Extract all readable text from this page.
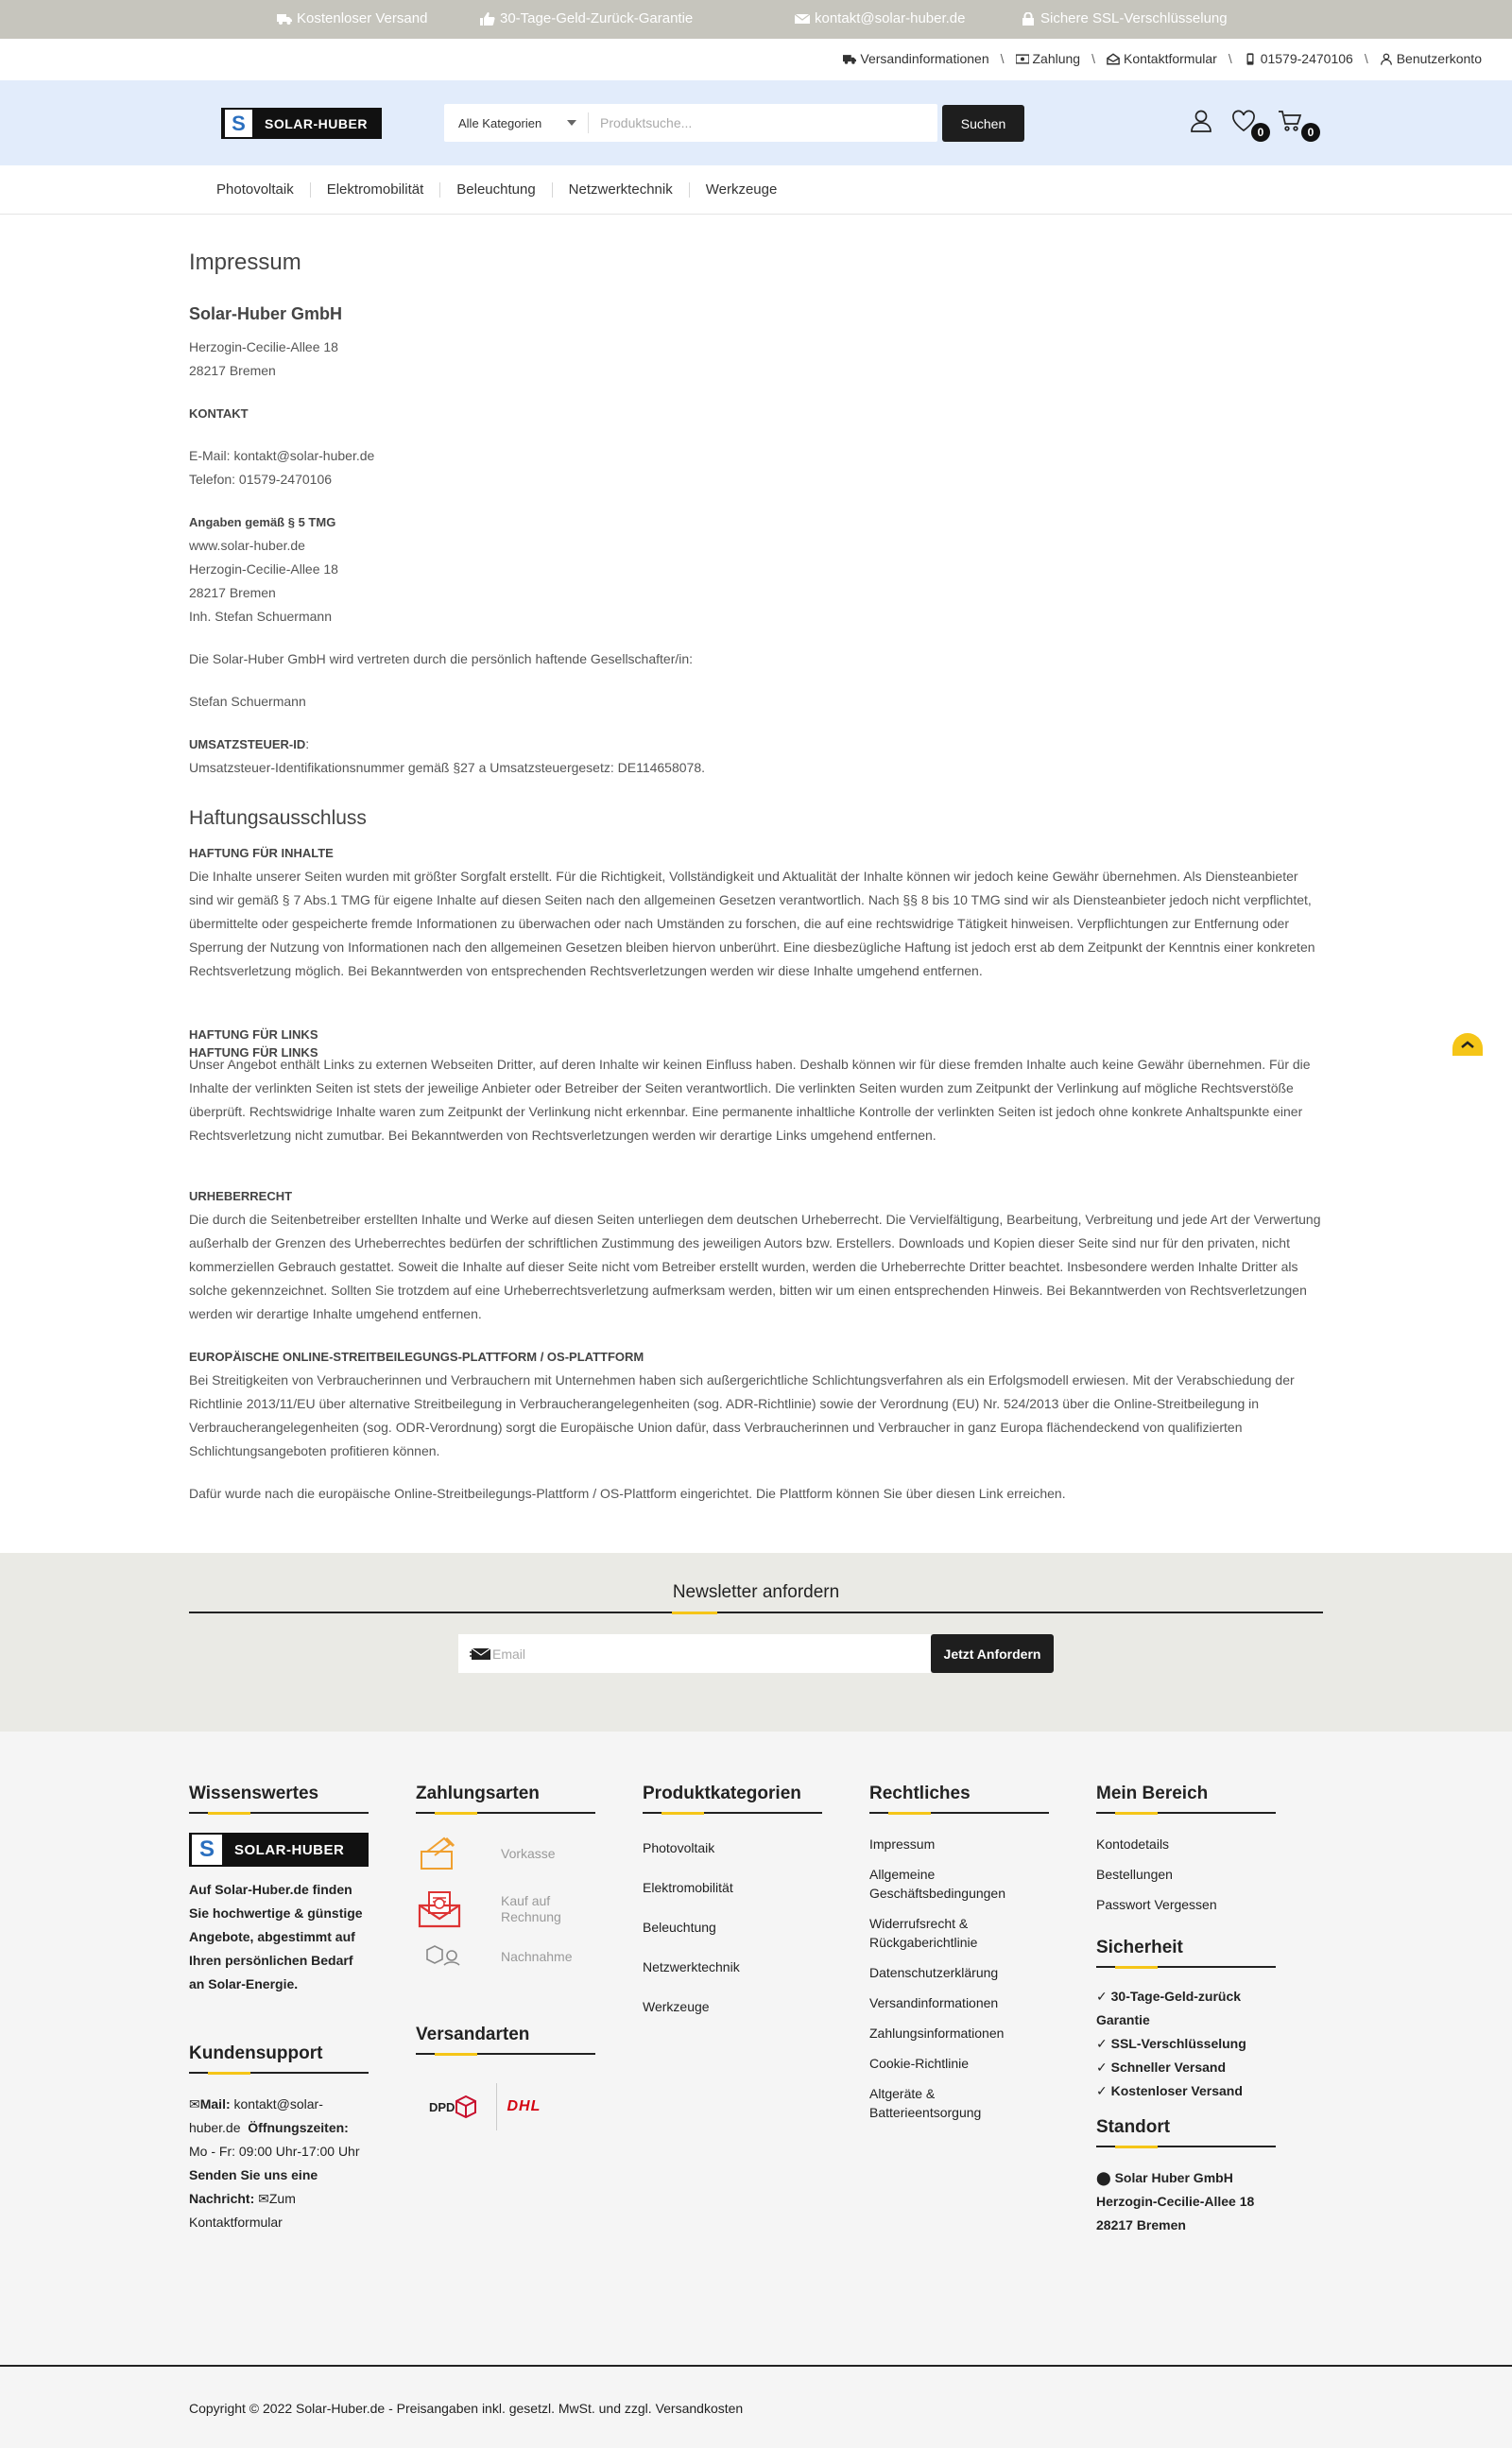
Kostenloser Versand	30-Tage-Geld-Zurück-Garantie	kontakt@solar-huber.de	Sichere SSL-Verschlüsselung
Versandinformationen \ Zahlung \ Kontaktformular \ 01579-2470106 \ Benutzerkonto
S	SOLAR-HUBER	Alle Kategorien
Produktsuche...	Suchen
0	0
Photovoltaik Elektromobilität Beleuchtung Netzwerktechnik Werkzeuge
Impressum
Solar-Huber GmbH
Herzogin-Cecilie-Allee 18
28217 Bremen
KONTAKT
E-Mail: kontakt@solar-huber.de
Telefon: 01579-2470106
Angaben gemäß § 5 TMG
www.solar-huber.de
Herzogin-Cecilie-Allee 18
28217 Bremen
Inh. Stefan Schuermann
Die Solar-Huber GmbH wird vertreten durch die persönlich haftende Gesellschafter/in:
Stefan Schuermann
UMSATZSTEUER-ID:
Umsatzsteuer-Identifikationsnummer gemäß §27 a Umsatzsteuergesetz: DE114658078.
Haftungsausschluss
HAFTUNG FÜR INHALTE
Die Inhalte unserer Seiten wurden mit größter Sorgfalt erstellt. Für die Richtigkeit, Vollständigkeit und Aktualität der Inhalte können wir jedoch keine Gewähr übernehmen. Als Diensteanbieter sind wir gemäß § 7 Abs.1 TMG für eigene Inhalte auf diesen Seiten nach den allgemeinen Gesetzen verantwortlich. Nach §§ 8 bis 10 TMG sind wir als Diensteanbieter jedoch nicht verpflichtet, übermittelte oder gespeicherte fremde Informationen zu überwachen oder nach Umständen zu forschen, die auf eine rechtswidrige Tätigkeit hinweisen. Verpflichtungen zur Entfernung oder Sperrung der Nutzung von Informationen nach den allgemeinen Gesetzen bleiben hiervon unberührt. Eine diesbezügliche Haftung ist jedoch erst ab dem Zeitpunkt der Kenntnis einer konkreten Rechtsverletzung möglich. Bei Bekanntwerden von entsprechenden Rechtsverletzungen werden wir diese Inhalte umgehend entfernen.
HAFTUNG FÜR LINKS
HAFTUNG FÜR LINKS
Unser Angebot enthält Links zu externen Webseiten Dritter, auf deren Inhalte wir keinen Einfluss haben. Deshalb können wir für diese fremden Inhalte auch keine Gewähr übernehmen. Für die Inhalte der verlinkten Seiten ist stets der jeweilige Anbieter oder Betreiber der Seiten verantwortlich. Die verlinkten Seiten wurden zum Zeitpunkt der Verlinkung auf mögliche Rechtsverstöße überprüft. Rechtswidrige Inhalte waren zum Zeitpunkt der Verlinkung nicht erkennbar. Eine permanente inhaltliche Kontrolle der verlinkten Seiten ist jedoch ohne konkrete Anhaltspunkte einer Rechtsverletzung nicht zumutbar. Bei Bekanntwerden von Rechtsverletzungen werden wir derartige Links umgehend entfernen.
URHEBERRECHT
Die durch die Seitenbetreiber erstellten Inhalte und Werke auf diesen Seiten unterliegen dem deutschen Urheberrecht. Die Vervielfältigung, Bearbeitung, Verbreitung und jede Art der Verwertung außerhalb der Grenzen des Urheberrechtes bedürfen der schriftlichen Zustimmung des jeweiligen Autors bzw. Erstellers. Downloads und Kopien dieser Seite sind nur für den privaten, nicht kommerziellen Gebrauch gestattet. Soweit die Inhalte auf dieser Seite nicht vom Betreiber erstellt wurden, werden die Urheberrechte Dritter beachtet. Insbesondere werden Inhalte Dritter als solche gekennzeichnet. Sollten Sie trotzdem auf eine Urheberrechtsverletzung aufmerksam werden, bitten wir um einen entsprechenden Hinweis. Bei Bekanntwerden von Rechtsverletzungen werden wir derartige Inhalte umgehend entfernen.
EUROPÄISCHE ONLINE-STREITBEILEGUNGS-PLATTFORM / OS-PLATTFORM
Bei Streitigkeiten von Verbraucherinnen und Verbrauchern mit Unternehmen haben sich außergerichtliche Schlichtungsverfahren als ein Erfolgsmodell erwiesen. Mit der Verabschiedung der Richtlinie 2013/11/EU über alternative Streitbeilegung in Verbraucherangelegenheiten (sog. ADR-Richtlinie) sowie der Verordnung (EU) Nr. 524/2013 über die Online-Streitbeilegung in Verbraucherangelegenheiten (sog. ODR-Verordnung) sorgt die Europäische Union dafür, dass Verbraucherinnen und Verbraucher in ganz Europa flächendeckend von qualifizierten Schlichtungsangeboten profitieren können.
Dafür wurde nach die europäische Online-Streitbeilegungs-Plattform / OS-Plattform eingerichtet. Die Plattform können Sie über diesen Link erreichen.
Newsletter anfordern
Email
Jetzt Anfordern
Wissenswertes
S	SOLAR-HUBER
Auf Solar-Huber.de finden Sie hochwertige & günstige Angebote, abgestimmt auf Ihren persönlichen Bedarf an Solar-Energie.
Kundensupport
✉Mail: kontakt@solar-huber.de Öffnungszeiten: Mo - Fr: 09:00 Uhr-17:00 Uhr Senden Sie uns eine Nachricht: ✉Zum Kontaktformular
Zahlungsarten
Vorkasse
Kauf auf Rechnung
Nachnahme
Versandarten
DPD	DHL
Produktkategorien
Photovoltaik
Elektromobilität
Beleuchtung
Netzwerktechnik
Werkzeuge
Rechtliches
Impressum
Allgemeine Geschäftsbedingungen
Widerrufsrecht & Rückgaberichtlinie
Datenschutzerklärung
Versandinformationen
Zahlungsinformationen
Cookie-Richtlinie
Altgeräte & Batterieentsorgung
Mein Bereich
Kontodetails
Bestellungen
Passwort Vergessen
Sicherheit
✓ 30-Tage-Geld-zurück Garantie
✓ SSL-Verschlüsselung
✓ Schneller Versand
✓ Kostenloser Versand
Standort
⬤ Solar Huber GmbH
Herzogin-Cecilie-Allee 18
28217 Bremen
Copyright © 2022 Solar-Huber.de - Preisangaben inkl. gesetzl. MwSt. und zzgl. Versandkosten
